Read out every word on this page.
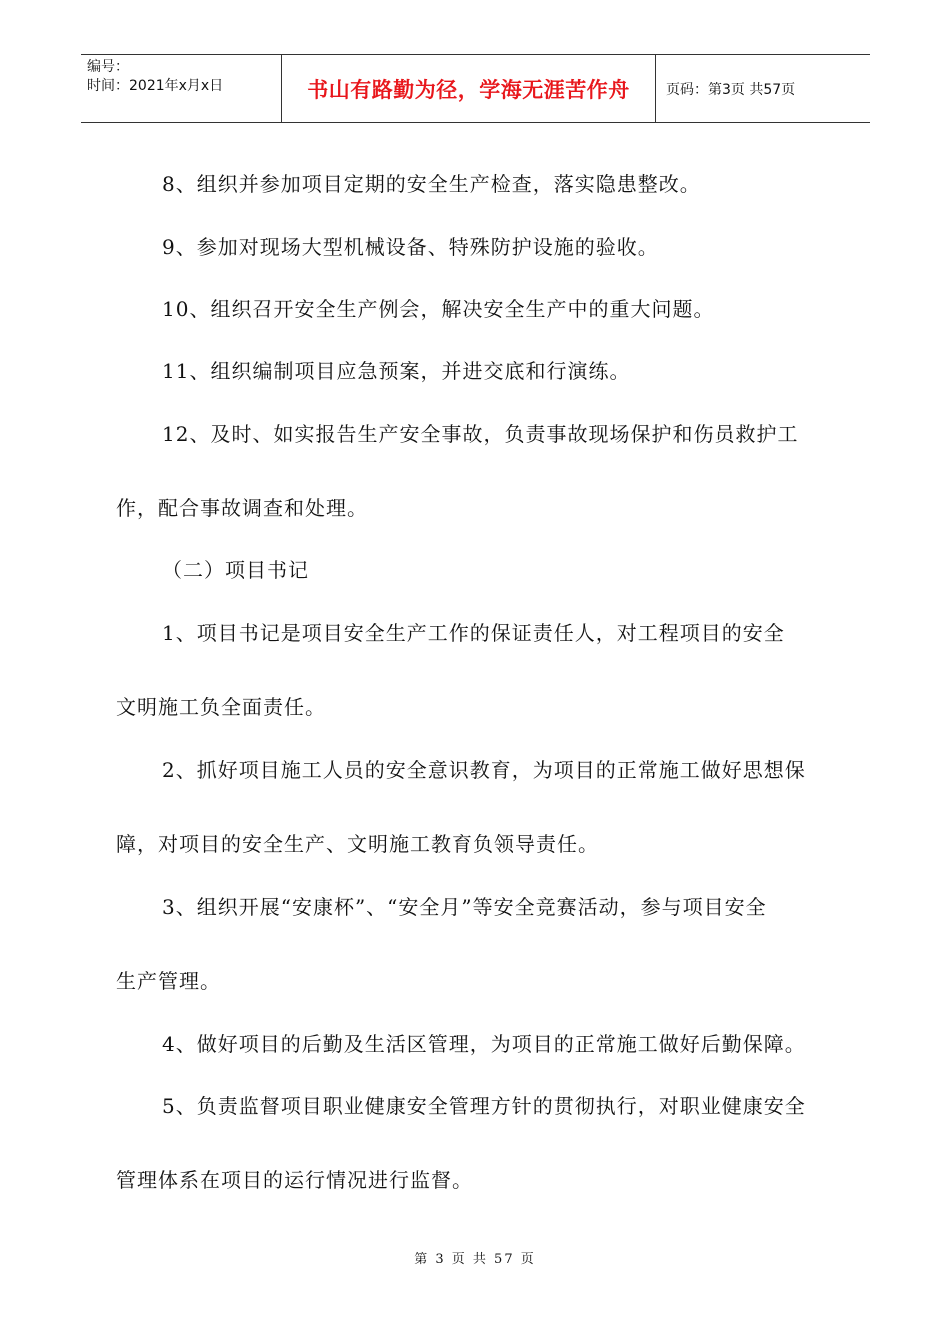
编号：
时间：2021年x月x日	书山有路勤为径，学海无涯苦作舟	页码：第3页 共57页
8、组织并参加项目定期的安全生产检查，落实隐患整改。
9、参加对现场大型机械设备、特殊防护设施的验收。
10、组织召开安全生产例会，解决安全生产中的重大问题。
11、组织编制项目应急预案，并进交底和行演练。
12、及时、如实报告生产安全事故，负责事故现场保护和伤员救护工
作，配合事故调查和处理。
（二）项目书记
1、项目书记是项目安全生产工作的保证责任人，对工程项目的安全
文明施工负全面责任。
2、抓好项目施工人员的安全意识教育，为项目的正常施工做好思想保
障，对项目的安全生产、文明施工教育负领导责任。
3、组织开展“安康杯”、“安全月”等安全竞赛活动，参与项目安全
生产管理。
4、做好项目的后勤及生活区管理，为项目的正常施工做好后勤保障。
5、负责监督项目职业健康安全管理方针的贯彻执行，对职业健康安全
管理体系在项目的运行情况进行监督。
第 3 页 共 57 页
